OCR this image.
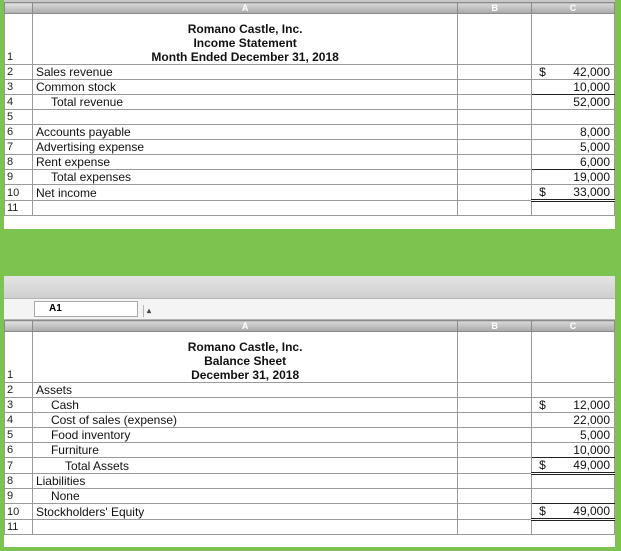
	A	B	C
1	Romano Castle, Inc.
Income Statement
Month Ended December 31, 2018		

2	Sales revenue		$ 42,000
3	Common stock		10,000
4	Total revenue		52,000
5			

6	Accounts payable		8,000
7	Advertising expense		5,000
8	Rent expense		6,000
9	Total expenses		19,000
10	Net income		$ 33,000
11			
A1	▴

	A	B	C
1	Romano Castle, Inc.
Balance Sheet
December 31, 2018		

2	Assets		

3	Cash		$ 12,000
4	Cost of sales (expense)		22,000
5	Food inventory		5,000
6	Furniture		10,000
7	Total Assets		$ 49,000
8	Liabilities		

9	None		

10	Stockholders' Equity		$ 49,000
11			
